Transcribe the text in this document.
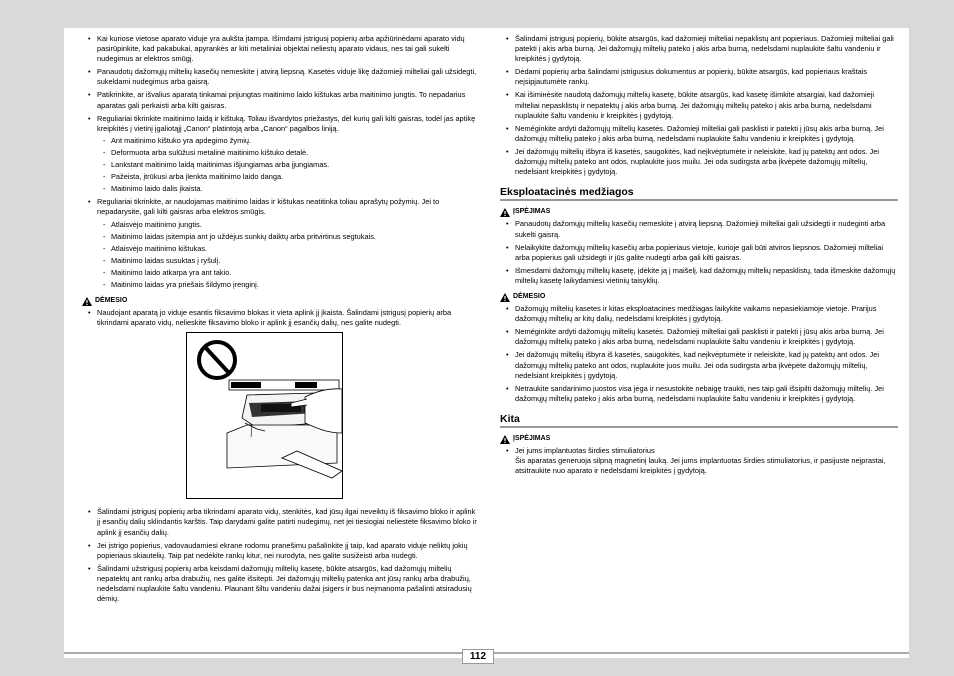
• Kai kuriose vietose aparato viduje yra aukšta įtampa. Išimdami įstrigusį popierių arba apžiūrinėdami aparato vidų pasirūpinkite, kad pakabukai, apyrankės ar kiti metaliniai objektai neliestų aparato vidaus, nes tai gali sukelti nudegimus ar elektros smūgį.
• Panaudotų dažomųjų miltelių kasečių nemeskite į atvirą liepsną. Kasetės viduje likę dažomieji milteliai gali užsidegti, sukeldami nudegimus arba gaisrą.
• Patikrinkite, ar išvalius aparatą tinkamai prijungtas maitinimo laido kištukas arba maitinimo jungtis. To nepadarius aparatas gali perkaisti arba kilti gaisras.
• Reguliariai tikrinkite maitinimo laidą ir kištuką. Toliau išvardytos priežastys, dėl kurių gali kilti gaisras, todėl jas aptikę kreipkitės į vietinį įgaliotąjį „Canon“ platintoją arba „Canon“ pagalbos liniją.
- Ant maitinimo kištuko yra apdegimo žymių.
- Deformuota arba sulūžusi metalinė maitinimo kištuko detalė.
- Lankstant maitinimo laidą maitinimas išjungiamas arba įjungiamas.
- Pažeista, įtrūkusi arba įlenkta maitinimo laido danga.
- Maitinimo laido dalis įkaista.
• Reguliariai tikrinkite, ar naudojamas maitinimo laidas ir kištukas neatitinka toliau aprašytų požymių. Jei to nepadarysite, gali kilti gaisras arba elektros smūgis.
- Atlaisvėjo maitinimo jungtis.
- Maitinimo laidas įsitempia ant jo uždėjus sunkių daiktų arba pritvirtinus segtukais.
- Atlaisvėjo maitinimo kištukas.
- Maitinimo laidas susuktas į ryšulį.
- Maitinimo laido atkarpa yra ant takio.
- Maitinimo laidas yra priešais šildymo įrenginį.
DĖMESIO
• Naudojant aparatą jo viduje esantis fiksavimo blokas ir vieta aplink jį įkaista. Šalindami įstrigusį popierių arba tikrindami aparato vidų, nelieskite fiksavimo bloko ir aplink jį esančių dalių, nes galite nudegti.
• Šalindami įstrigusį popierių arba tikrindami aparato vidų, stenkitės, kad jūsų ilgai neveiktų iš fiksavimo bloko ir aplink jį esančių dalių sklindantis karštis. Taip darydami galite patirti nudegimų, net jei tiesiogiai neliestėte fiksavimo bloko ir aplink jį esančių dalių.
• Jei įstrigo popierius, vadovaudamiesi ekrane rodomu pranešimu pašalinkite jį taip, kad aparato viduje neliktų jokių popieriaus skiautelių. Taip pat nedėkite rankų kitur, nei nurodyta, nes galite susižeisti arba nudegti.
• Šalindami užstrigusį popierių arba keisdami dažomųjų miltelių kasetę, būkite atsargūs, kad dažomųjų miltelių nepatektų ant rankų arba drabužių, nes galite išsitepti. Jei dažomųjų miltelių patenka ant jūsų rankų arba drabužių, nedelsdami nuplaukite šaltu vandeniu. Plaunant šiltu vandeniu dažai įsigers ir bus neįmanoma pašalinti atsiradusių dėmių.
• Šalindami įstrigusį popierių, būkite atsargūs, kad dažomieji milteliai nepaklistų ant popieriaus. Dažomieji milteliai gali patekti į akis arba burną. Jei dažomųjų miltelių pateko į akis arba burną, nedelsdami nuplaukite šaltu vandeniu ir kreipkitės į gydytoją.
• Dėdami popierių arba šalindami įstrigusius dokumentus ar popierių, būkite atsargūs, kad popieriaus kraštais neįsipjautumėte rankų.
• Kai išimінėsite naudotą dažomųjų miltelių kasetę, būkite atsargūs, kad kasetę išimkite atsargiai, kad dažomieji milteliai nepasklistų ir nepatektų į akis arba burną. Jei dažomųjų miltelių pateko į akis arba burną, nedelsdami nuplaukite šaltu vandeniu ir kreipkitės į gydytoją.
• Neméginkite ardyti dažomųjų miltelių kasetės. Dažomieji milteliai gali pasklisti ir patekti į jūsų akis arba burną. Jei dažomųjų miltelių pateko į akis arba burną, nedelsdami nuplaukite šaltu vandeniu ir kreipkitės į gydytoją.
• Jei dažomųjų miltelių išbyra iš kasetės, saugokitės, kad neįkvėptumėte ir neleiskite, kad jų patektų ant odos. Jei dažomųjų miltelių pateko ant odos, nuplaukite juos muilu. Jei oda sudirgsta arba įkvėpėte dažomųjų miltelių, nedelsiant kreipkitės į gydytoją.
Eksploatacinės medžiagos
ĮSPĖJIMAS
• Panaudotų dažomųjų miltelių kasečių nemeskite į atvirą liepsną. Dažomieji milteliai gali užsidegti ir nudeginti arba sukelti gaisrą.
• Nelaikykite dažomųjų miltelių kasečių arba popieriaus vietoje, kurioje gali būti atviros liepsnos. Dažomieji milteliai arba popierius gali užsidegti ir jūs galite nudegti arba gali kilti gaisras.
• Išmesdami dažomųjų miltelių kasetę, įdėkite ją į maišelį, kad dažomųjų miltelių nepasklistų, tada išmeskite dažomųjų miltelių kasetę laikydamiesi vietinių taisyklių.
DĖMESIO
• Dažomųjų miltelių kasetes ir kitas eksploatacines medžiagas laikykite vaikams nepasiekiamoje vietoje. Prarijus dažomųjų miltelių ar kitų dalių, nedelsdami kreipkitės į gydytoją.
• Neméginkite ardyti dažomųjų miltelių kasetės. Dažomieji milteliai gali pasklisti ir patekti į jūsų akis arba burną. Jei dažomųjų miltelių pateko į akis arba burną, nedelsdami nuplaukite šaltu vandeniu ir kreipkitės į gydytoją.
• Jei dažomųjų miltelių išbyra iš kasetės, saugokitės, kad neįkvėptumėte ir neleiskite, kad jų patektų ant odos. Jei dažomųjų miltelių pateko ant odos, nuplaukite juos muilu. Jei oda sudirgsta arba įkvėpėte dažomųjų miltelių, nedelsiant kreipkitės į gydytoją.
• Netraukite sandarinimo juostos visa jėga ir nesustokite nebaigę traukti, nes taip gali išsipilti dažomųjų miltelių. Jei dažomųjų miltelių pateko į akis arba burną, nedelsdami nuplaukite šaltu vandeniu ir kreipkitės į gydytoją.
Kita
ĮSPĖJIMAS
• Jei jums implantuotas širdies stimuliatorius
Šis aparatas generuoja silpną magnetinį lauką. Jei jums implantuotas širdies stimuliatorius, ir pasijuste neįprastai, atsitraukite nuo aparato ir nedelsdami kreipkitės į gydytoją.
112
